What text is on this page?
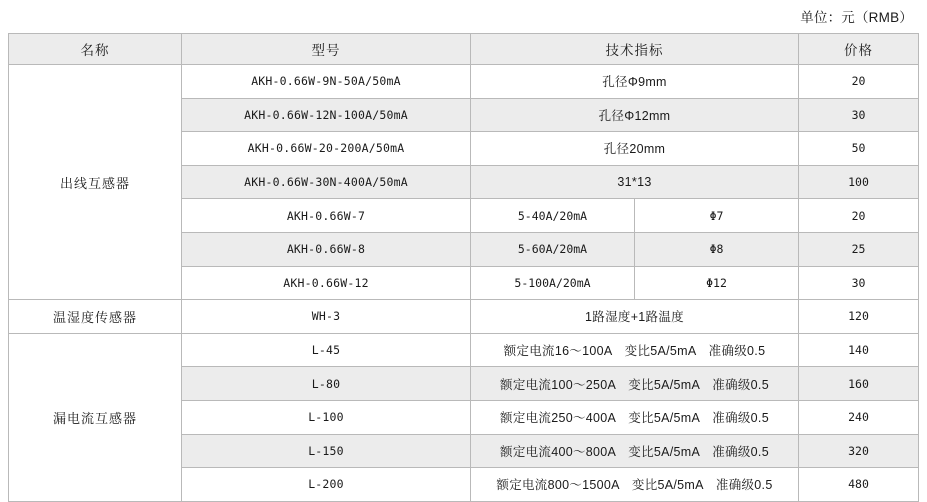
单位：元（RMB）
名称	型号	技术指标		价格
出线互感器	AKH-0.66W-9N-50A/50mA	孔径Φ9mm		20
	AKH-0.66W-12N-100A/50mA	孔径Φ12mm		30
	AKH-0.66W-20-200A/50mA	孔径20mm		50
	AKH-0.66W-30N-400A/50mA	31*13		100
	AKH-0.66W-7	5-40A/20mA	Φ7	20
	AKH-0.66W-8	5-60A/20mA	Φ8	25
	AKH-0.66W-12	5-100A/20mA	Φ12	30
温湿度传感器	WH-3	1路湿度+1路温度		120
漏电流互感器	L-45	额定电流16～100A　变比5A/5mA　准确级0.5		140
	L-80	额定电流100～250A　变比5A/5mA　准确级0.5		160
	L-100	额定电流250～400A　变比5A/5mA　准确级0.5		240
	L-150	额定电流400～800A　变比5A/5mA　准确级0.5		320
	L-200	额定电流800～1500A　变比5A/5mA　准确级0.5		480
